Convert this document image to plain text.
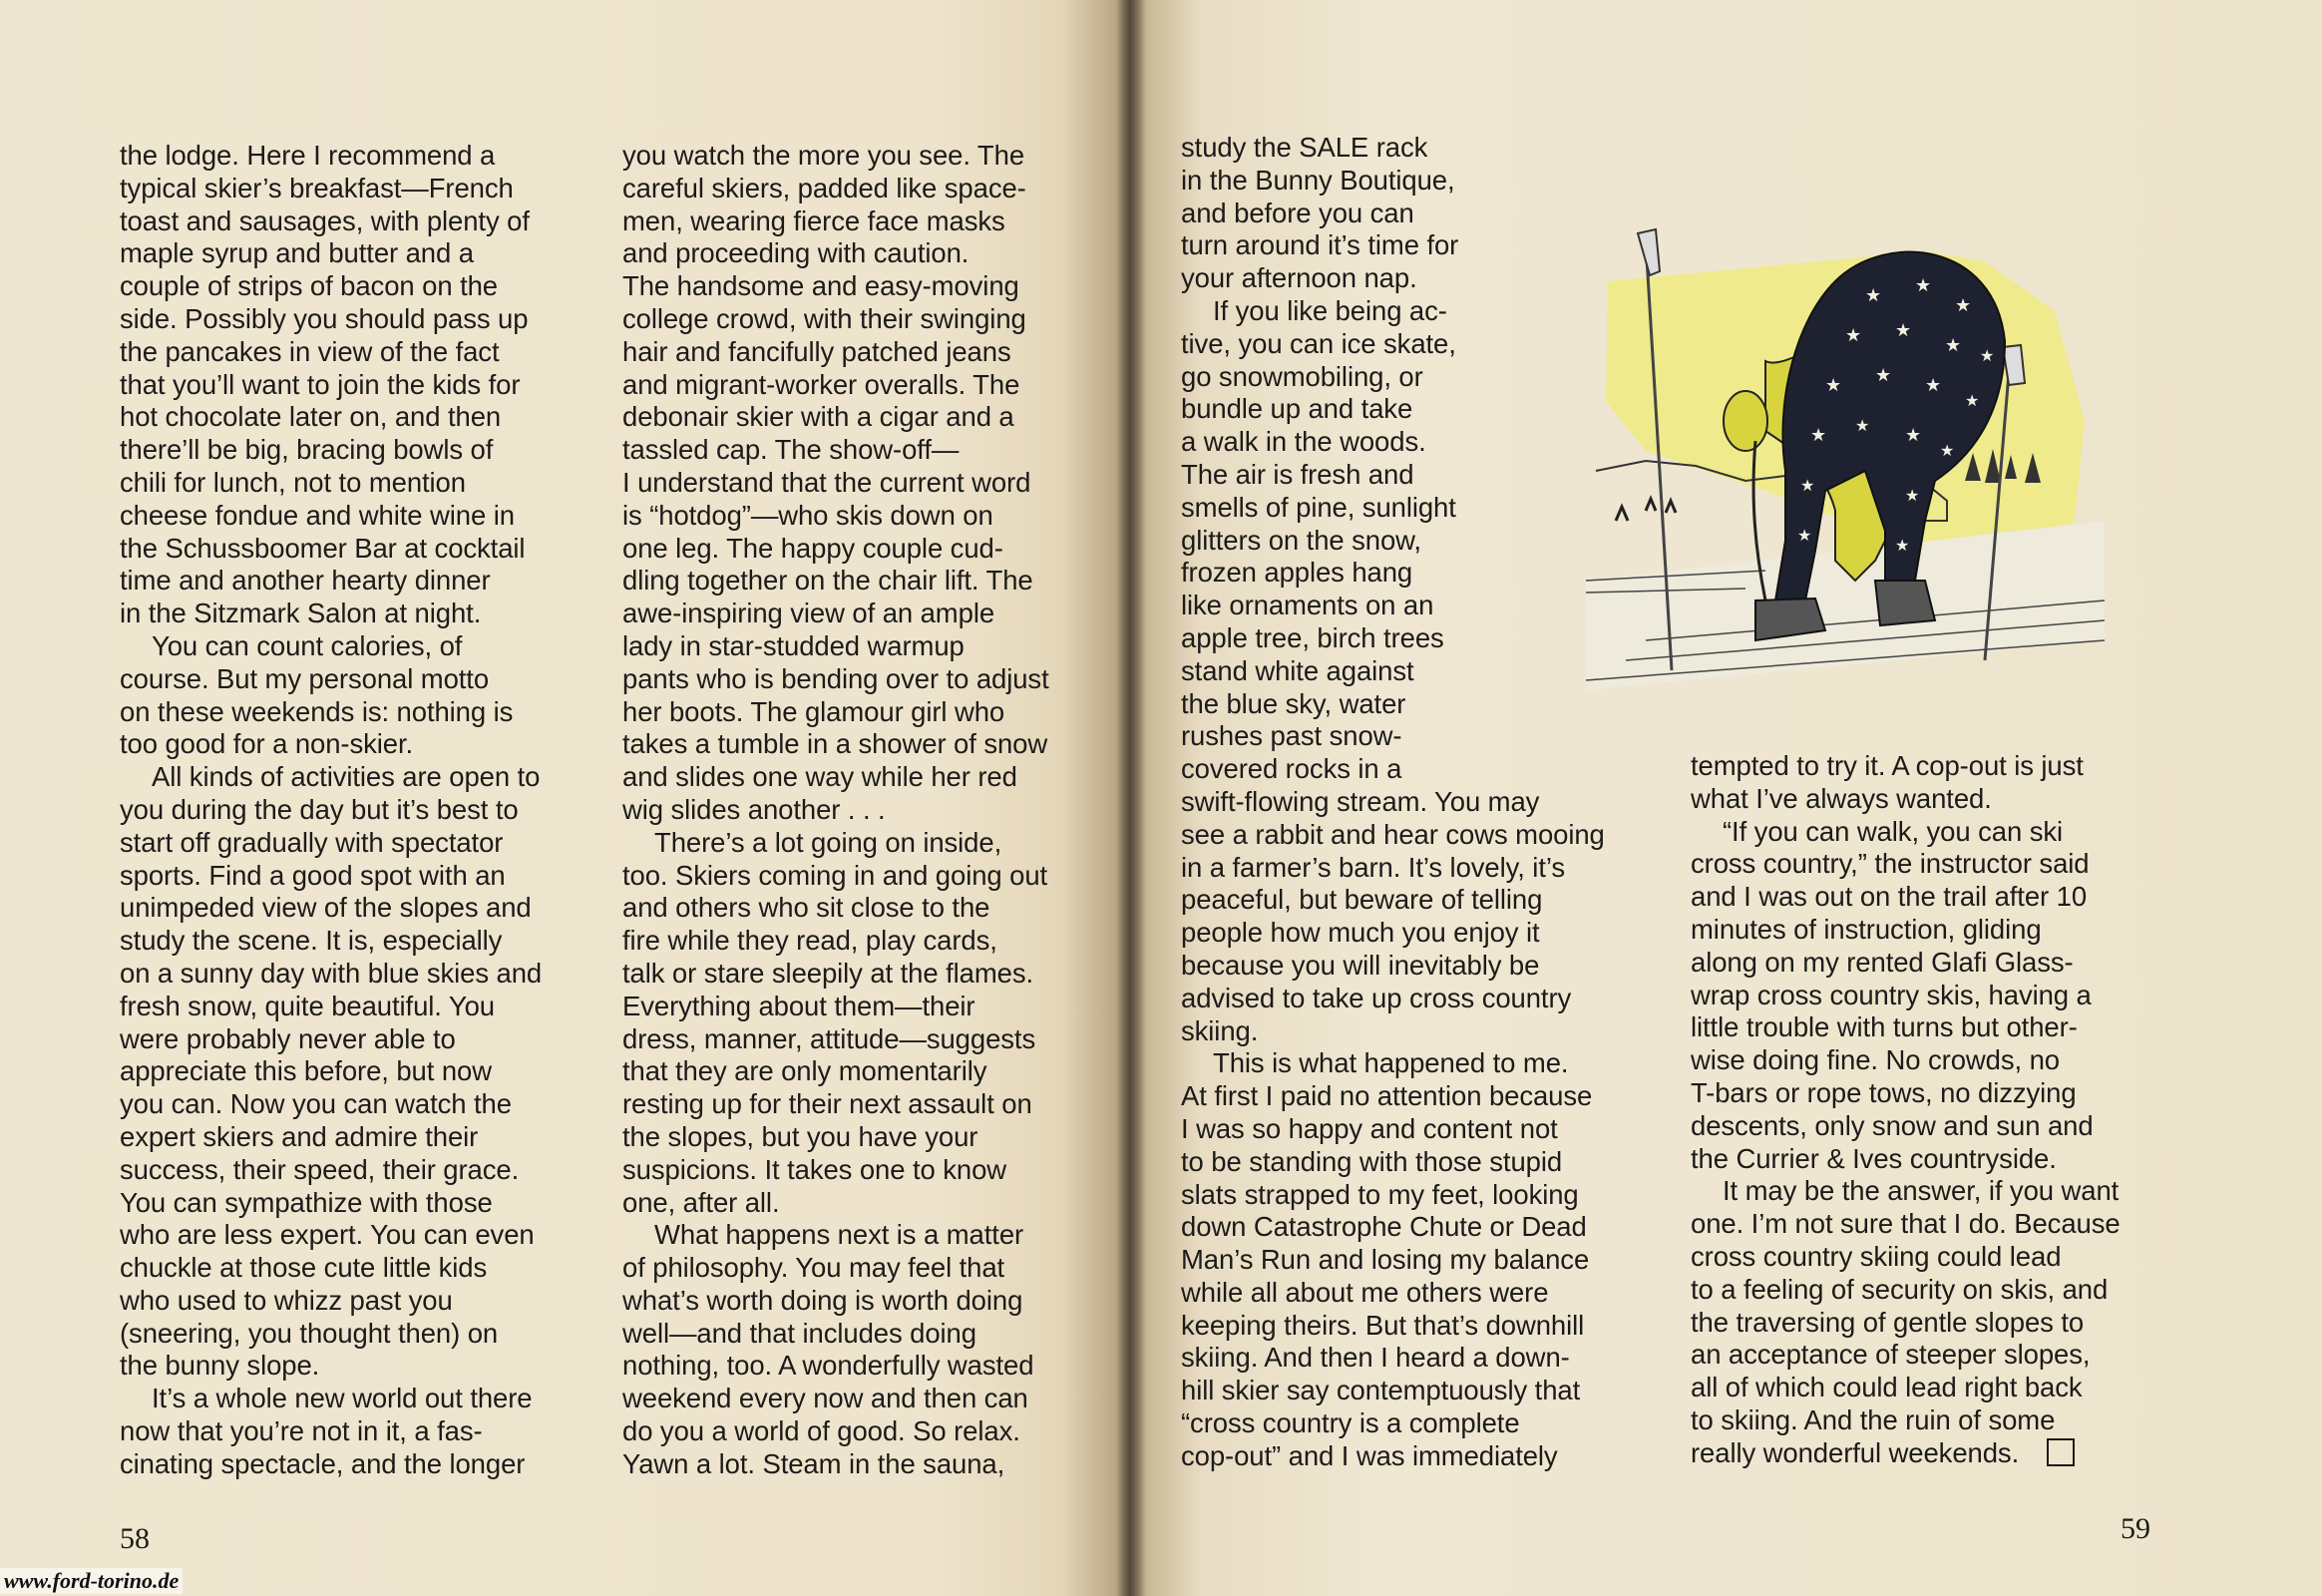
the lodge. Here I recommend a
typical skier’s breakfast—French
toast and sausages, with plenty of
maple syrup and butter and a
couple of strips of bacon on the
side. Possibly you should pass up
the pancakes in view of the fact
that you’ll want to join the kids for
hot chocolate later on, and then
there’ll be big, bracing bowls of
chili for lunch, not to mention
cheese fondue and white wine in
the Schussboomer Bar at cocktail
time and another hearty dinner
in the Sitzmark Salon at night.

You can count calories, of
course. But my personal motto
on these weekends is: nothing is
too good for a non-skier.

All kinds of activities are open to
you during the day but it’s best to
start off gradually with spectator
sports. Find a good spot with an
unimpeded view of the slopes and
study the scene. It is, especially
on a sunny day with blue skies and
fresh snow, quite beautiful. You
were probably never able to
appreciate this before, but now
you can. Now you can watch the
expert skiers and admire their
success, their speed, their grace.
You can sympathize with those
who are less expert. You can even
chuckle at those cute little kids
who used to whizz past you
(sneering, you thought then) on
the bunny slope.

It’s a whole new world out there
now that you’re not in it, a fas-
cinating spectacle, and the longer

you watch the more you see. The
careful skiers, padded like space-
men, wearing fierce face masks
and proceeding with caution.
The handsome and easy-moving
college crowd, with their swinging
hair and fancifully patched jeans
and migrant-worker overalls. The
debonair skier with a cigar and a
tassled cap. The show-off—
I understand that the current word
is “hotdog”—who skis down on
one leg. The happy couple cud-
dling together on the chair lift. The
awe-inspiring view of an ample
lady in star-studded warmup
pants who is bending over to adjust
her boots. The glamour girl who
takes a tumble in a shower of snow
and slides one way while her red
wig slides another . . .

There’s a lot going on inside,
too. Skiers coming in and going out
and others who sit close to the
fire while they read, play cards,
talk or stare sleepily at the flames.
Everything about them—their
dress, manner, attitude—suggests
that they are only momentarily
resting up for their next assault on
the slopes, but you have your
suspicions. It takes one to know
one, after all.

What happens next is a matter
of philosophy. You may feel that
what’s worth doing is worth doing
well—and that includes doing
nothing, too. A wonderfully wasted
weekend every now and then can
do you a world of good. So relax.
Yawn a lot. Steam in the sauna,

58

study the SALE rack
in the Bunny Boutique,
and before you can
turn around it’s time for
your afternoon nap.

If you like being ac-
tive, you can ice skate,
go snowmobiling, or
bundle up and take
a walk in the woods.
The air is fresh and
smells of pine, sunlight
glitters on the snow,
frozen apples hang
like ornaments on an
apple tree, birch trees
stand white against
the blue sky, water
rushes past snow-
covered rocks in a
swift-flowing stream. You may
see a rabbit and hear cows mooing
in a farmer’s barn. It’s lovely, it’s
peaceful, but beware of telling
people how much you enjoy it
because you will inevitably be
advised to take up cross country
skiing.

This is what happened to me.
At first I paid no attention because
I was so happy and content not
to be standing with those stupid
slats strapped to my feet, looking
down Catastrophe Chute or Dead
Man’s Run and losing my balance
while all about me others were
keeping theirs. But that’s downhill
skiing. And then I heard a down-
hill skier say contemptuously that
“cross country is a complete
cop-out” and I was immediately

tempted to try it. A cop-out is just
what I’ve always wanted.

“If you can walk, you can ski
cross country,” the instructor said
and I was out on the trail after 10
minutes of instruction, gliding
along on my rented Glafi Glass-
wrap cross country skis, having a
little trouble with turns but other-
wise doing fine. No crowds, no
T-bars or rope tows, no dizzying
descents, only snow and sun and
the Currier & Ives countryside.

It may be the answer, if you want
one. I’m not sure that I do. Because
cross country skiing could lead
to a feeling of security on skis, and
the traversing of gentle slopes to
an acceptance of steeper slopes,
all of which could lead right back
to skiing. And the ruin of some
really wonderful weekends.

59
★ ★
★
★ ★
★
★
★ ★ ★
★
★ ★ ★
★
★
★
★
★
www.ford-torino.de
